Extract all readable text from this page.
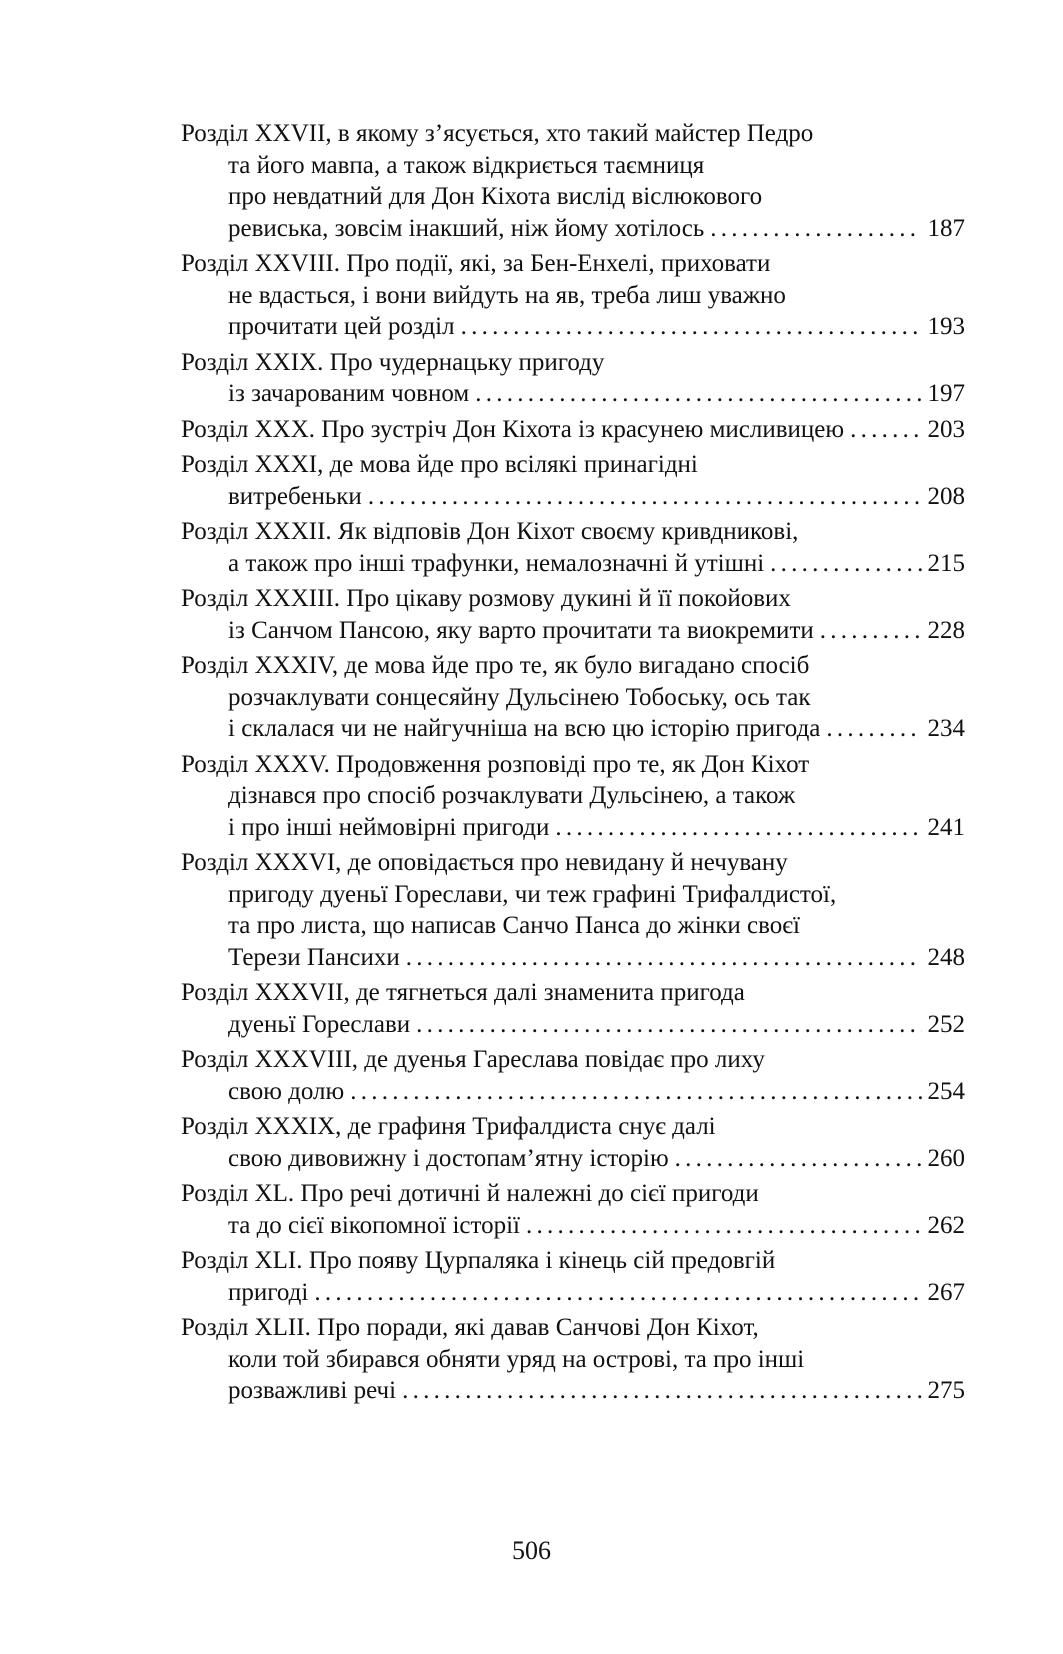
Розділ XXVII, в якому з’ясується, хто такий майстер Педро
та його мавпа, а також відкриється таємниця
про невдатний для Дон Кіхота вислід віслюкового
ревиська, зовсім інакший, ніж йому хотілось . . .	187
Розділ XXVIII. Про події, які, за Бен-Енхелі, приховати
не вдасться, і вони вийдуть на яв, треба лиш уважно
прочитати цей розділ . . .	193
Розділ XXIX. Про чудернацьку пригоду
із зачарованим човном . . .	197
Розділ XXX. Про зустріч Дон Кіхота із красунею мисливицею . . .	203
Розділ XXXI, де мова йде про всілякі принагідні
витребеньки . . .	208
Розділ XXXII. Як відповів Дон Кіхот своєму кривдникові,
а також про інші трафунки, немалозначні й утішні . . .	215
Розділ XXXIII. Про цікаву розмову дукині й її покойових
із Санчом Пансою, яку варто прочитати та виокремити . . .	228
Розділ XXXIV, де мова йде про те, як було вигадано спосіб
розчаклувати сонцесяйну Дульсінею Тобоську, ось так
і склалася чи не найгучніша на всю цю історію пригода . . .	234
Розділ XXXV. Продовження розповіді про те, як Дон Кіхот
дізнався про спосіб розчаклувати Дульсінею, а також
і про інші неймовірні пригоди . . .	241
Розділ XXXVI, де оповідається про невидану й нечувану
пригоду дуеньї Горeслави, чи теж графині Трифалдистої,
та про листа, що написав Санчо Панса до жінки своєї
Терези Пансихи . . .	248
Розділ XXXVII, де тягнеться далі знаменита пригода
дуеньї Горeслави . . .	252
Розділ XXXVIII, де дуенья Гарeслава повідає про лиху
свою долю . . .	254
Розділ XXXIX, де графиня Трифалдиста снує далі
свою дивовижну і достопам’ятну історію . . .	260
Розділ XL. Про речі дотичні й належні до сієї пригоди
та до сієї вікопомної історії . . .	262
Розділ XLI. Про появу Цурпаляка і кінець сій предовгій
пригоді . . .	267
Розділ XLII. Про поради, які давав Санчові Дон Кіхот,
коли той збирався обняти уряд на острові, та про інші
розважливі речі . . .	275
506
